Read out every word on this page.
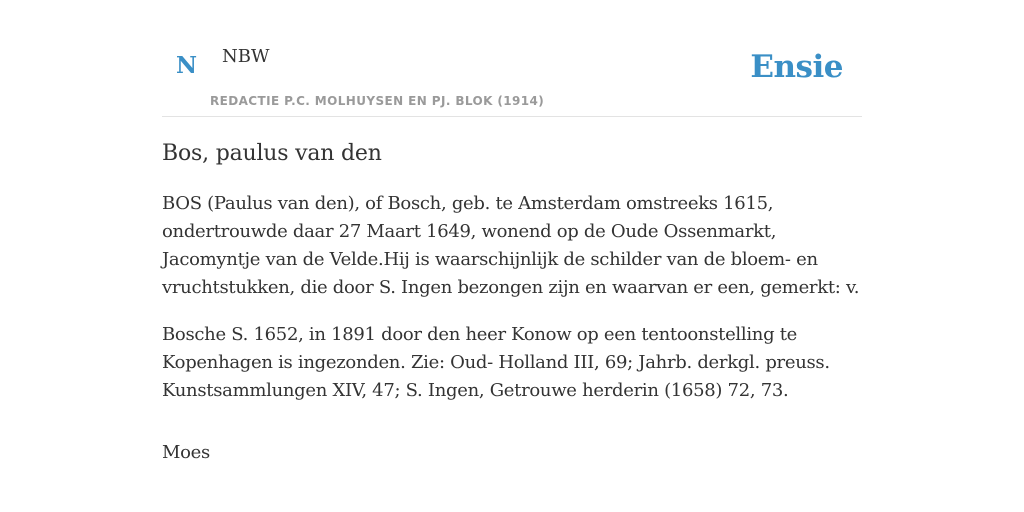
N NBW
REDACTIE P.C. MOLHUYSEN EN PJ. BLOK (1914)
Ensie
Bos, paulus van den

BOS (Paulus van den), of Bosch, geb. te Amsterdam omstreeks 1615, ondertrouwde daar 27 Maart 1649, wonend op de Oude Ossenmarkt, Jacomyntje van de Velde.Hij is waarschijnlijk de schilder van de bloem- en vruchtstukken, die door S. Ingen bezongen zijn en waarvan er een, gemerkt: v.

Bosche S. 1652, in 1891 door den heer Konow op een tentoonstelling te Kopenhagen is ingezonden. Zie: Oud- Holland III, 69; Jahrb. derkgl. preuss. Kunstsammlungen XIV, 47; S. Ingen, Getrouwe herderin (1658) 72, 73.

Moes
